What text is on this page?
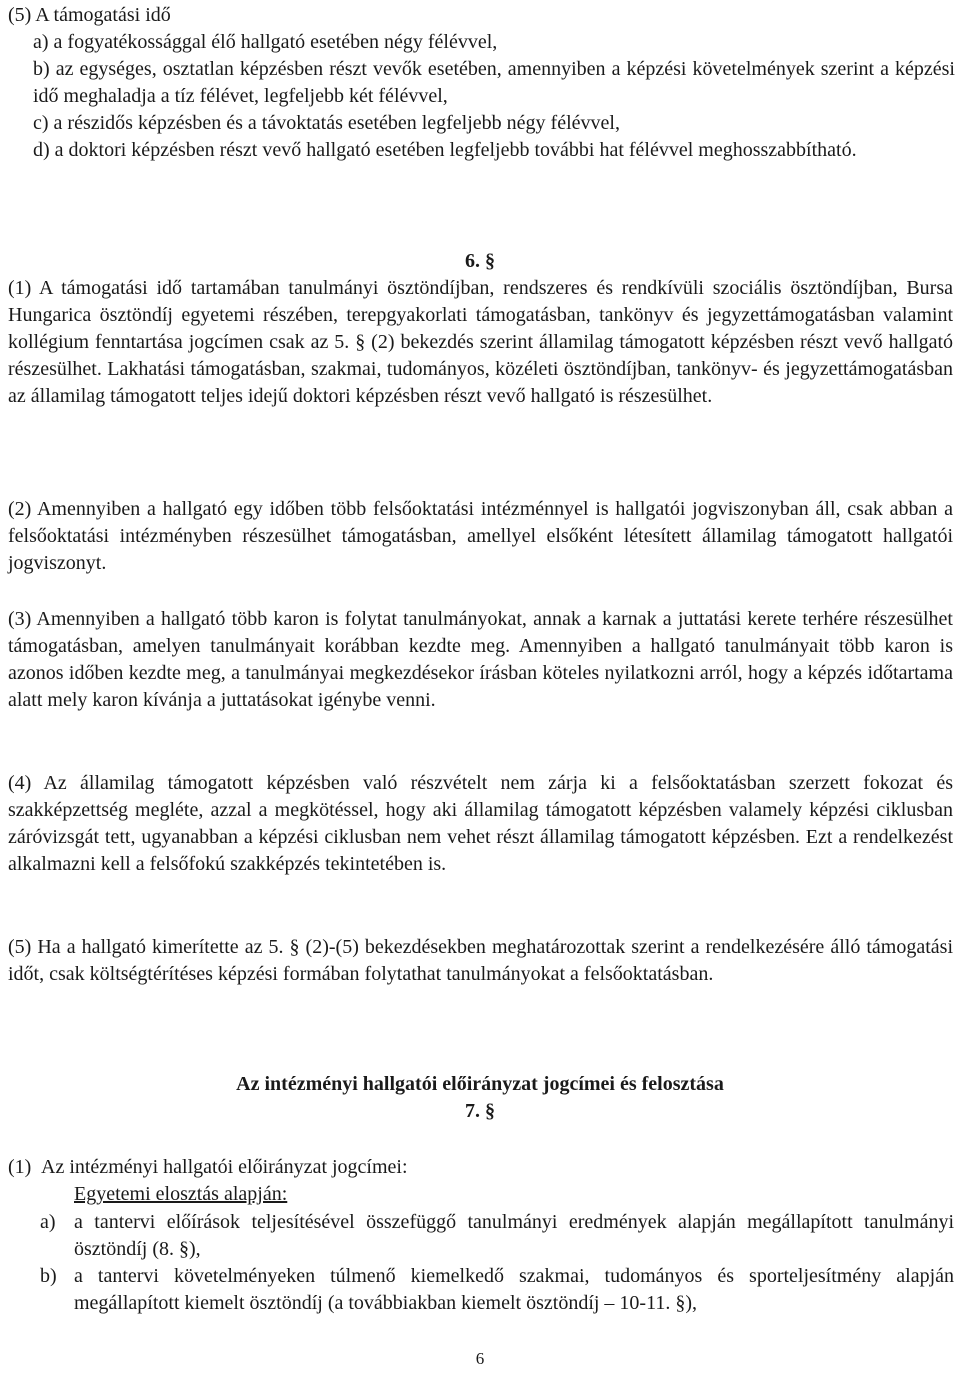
(5) A támogatási idő

a) a fogyatékossággal élő hallgató esetében négy félévvel,

b) az egységes, osztatlan képzésben részt vevők esetében, amennyiben a képzési követelmények szerint a képzési idő meghaladja a tíz félévet, legfeljebb két félévvel,

c) a részidős képzésben és a távoktatás esetében legfeljebb négy félévvel,

d) a doktori képzésben részt vevő hallgató esetében legfeljebb további hat félévvel meghosszabbítható.

6. §

(1) A támogatási idő tartamában tanulmányi ösztöndíjban, rendszeres és rendkívüli szociális ösztöndíjban, Bursa Hungarica ösztöndíj egyetemi részében, terepgyakorlati támogatásban, tankönyv és jegyzettámogatásban valamint kollégium fenntartása jogcímen csak az 5. § (2) bekezdés szerint államilag támogatott képzésben részt vevő hallgató részesülhet. Lakhatási támogatásban, szakmai, tudományos, közéleti ösztöndíjban, tankönyv- és jegyzettámogatásban az államilag támogatott teljes idejű doktori képzésben részt vevő hallgató is részesülhet.

(2) Amennyiben a hallgató egy időben több felsőoktatási intézménnyel is hallgatói jogviszonyban áll, csak abban a felsőoktatási intézményben részesülhet támogatásban, amellyel elsőként létesített államilag támogatott hallgatói jogviszonyt.

(3) Amennyiben a hallgató több karon is folytat tanulmányokat, annak a karnak a juttatási kerete terhére részesülhet támogatásban, amelyen tanulmányait korábban kezdte meg. Amennyiben a hallgató tanulmányait több karon is azonos időben kezdte meg, a tanulmányai megkezdésekor írásban köteles nyilatkozni arról, hogy a képzés időtartama alatt mely karon kívánja a juttatásokat igénybe venni.

(4) Az államilag támogatott képzésben való részvételt nem zárja ki a felsőoktatásban szerzett fokozat és szakképzettség megléte, azzal a megkötéssel, hogy aki államilag támogatott képzésben valamely képzési ciklusban záróvizsgát tett, ugyanabban a képzési ciklusban nem vehet részt államilag támogatott képzésben. Ezt a rendelkezést alkalmazni kell a felsőfokú szakképzés tekintetében is.

(5) Ha a hallgató kimerítette az 5. § (2)-(5) bekezdésekben meghatározottak szerint a rendelkezésére álló támogatási időt, csak költségtérítéses képzési formában folytathat tanulmányokat a felsőoktatásban.

Az intézményi hallgatói előirányzat jogcímei és felosztása
7. §
(1) Az intézményi hallgatói előirányzat jogcímei:
Egyetemi elosztás alapján:
a) a tantervi előírások teljesítésével összefüggő tanulmányi eredmények alapján megállapított tanulmányi ösztöndíj (8. §),

b) a tantervi követelményeken túlmenő kiemelkedő szakmai, tudományos és sporteljesítmény alapján megállapított kiemelt ösztöndíj (a továbbiakban kiemelt ösztöndíj – 10-11. §),

6
